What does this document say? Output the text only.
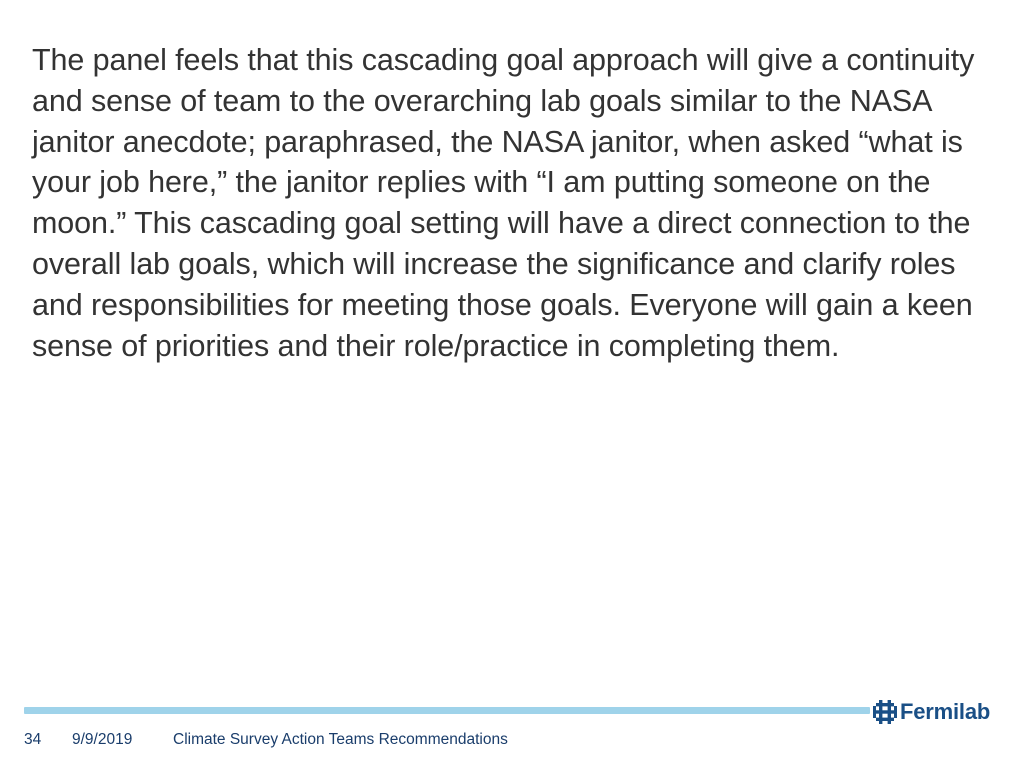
The panel feels that this cascading goal approach will give a continuity and sense of team to the overarching lab goals similar to the NASA janitor anecdote; paraphrased, the NASA janitor, when asked “what is your job here,” the janitor replies with “I am putting someone on the moon.” This cascading goal setting will have a direct connection to the overall lab goals, which will increase the significance and clarify roles and responsibilities for meeting those goals. Everyone will gain a keen sense of priorities and their role/practice in completing them.

Fermilab
34 9/9/2019	Climate Survey Action Teams Recommendations
